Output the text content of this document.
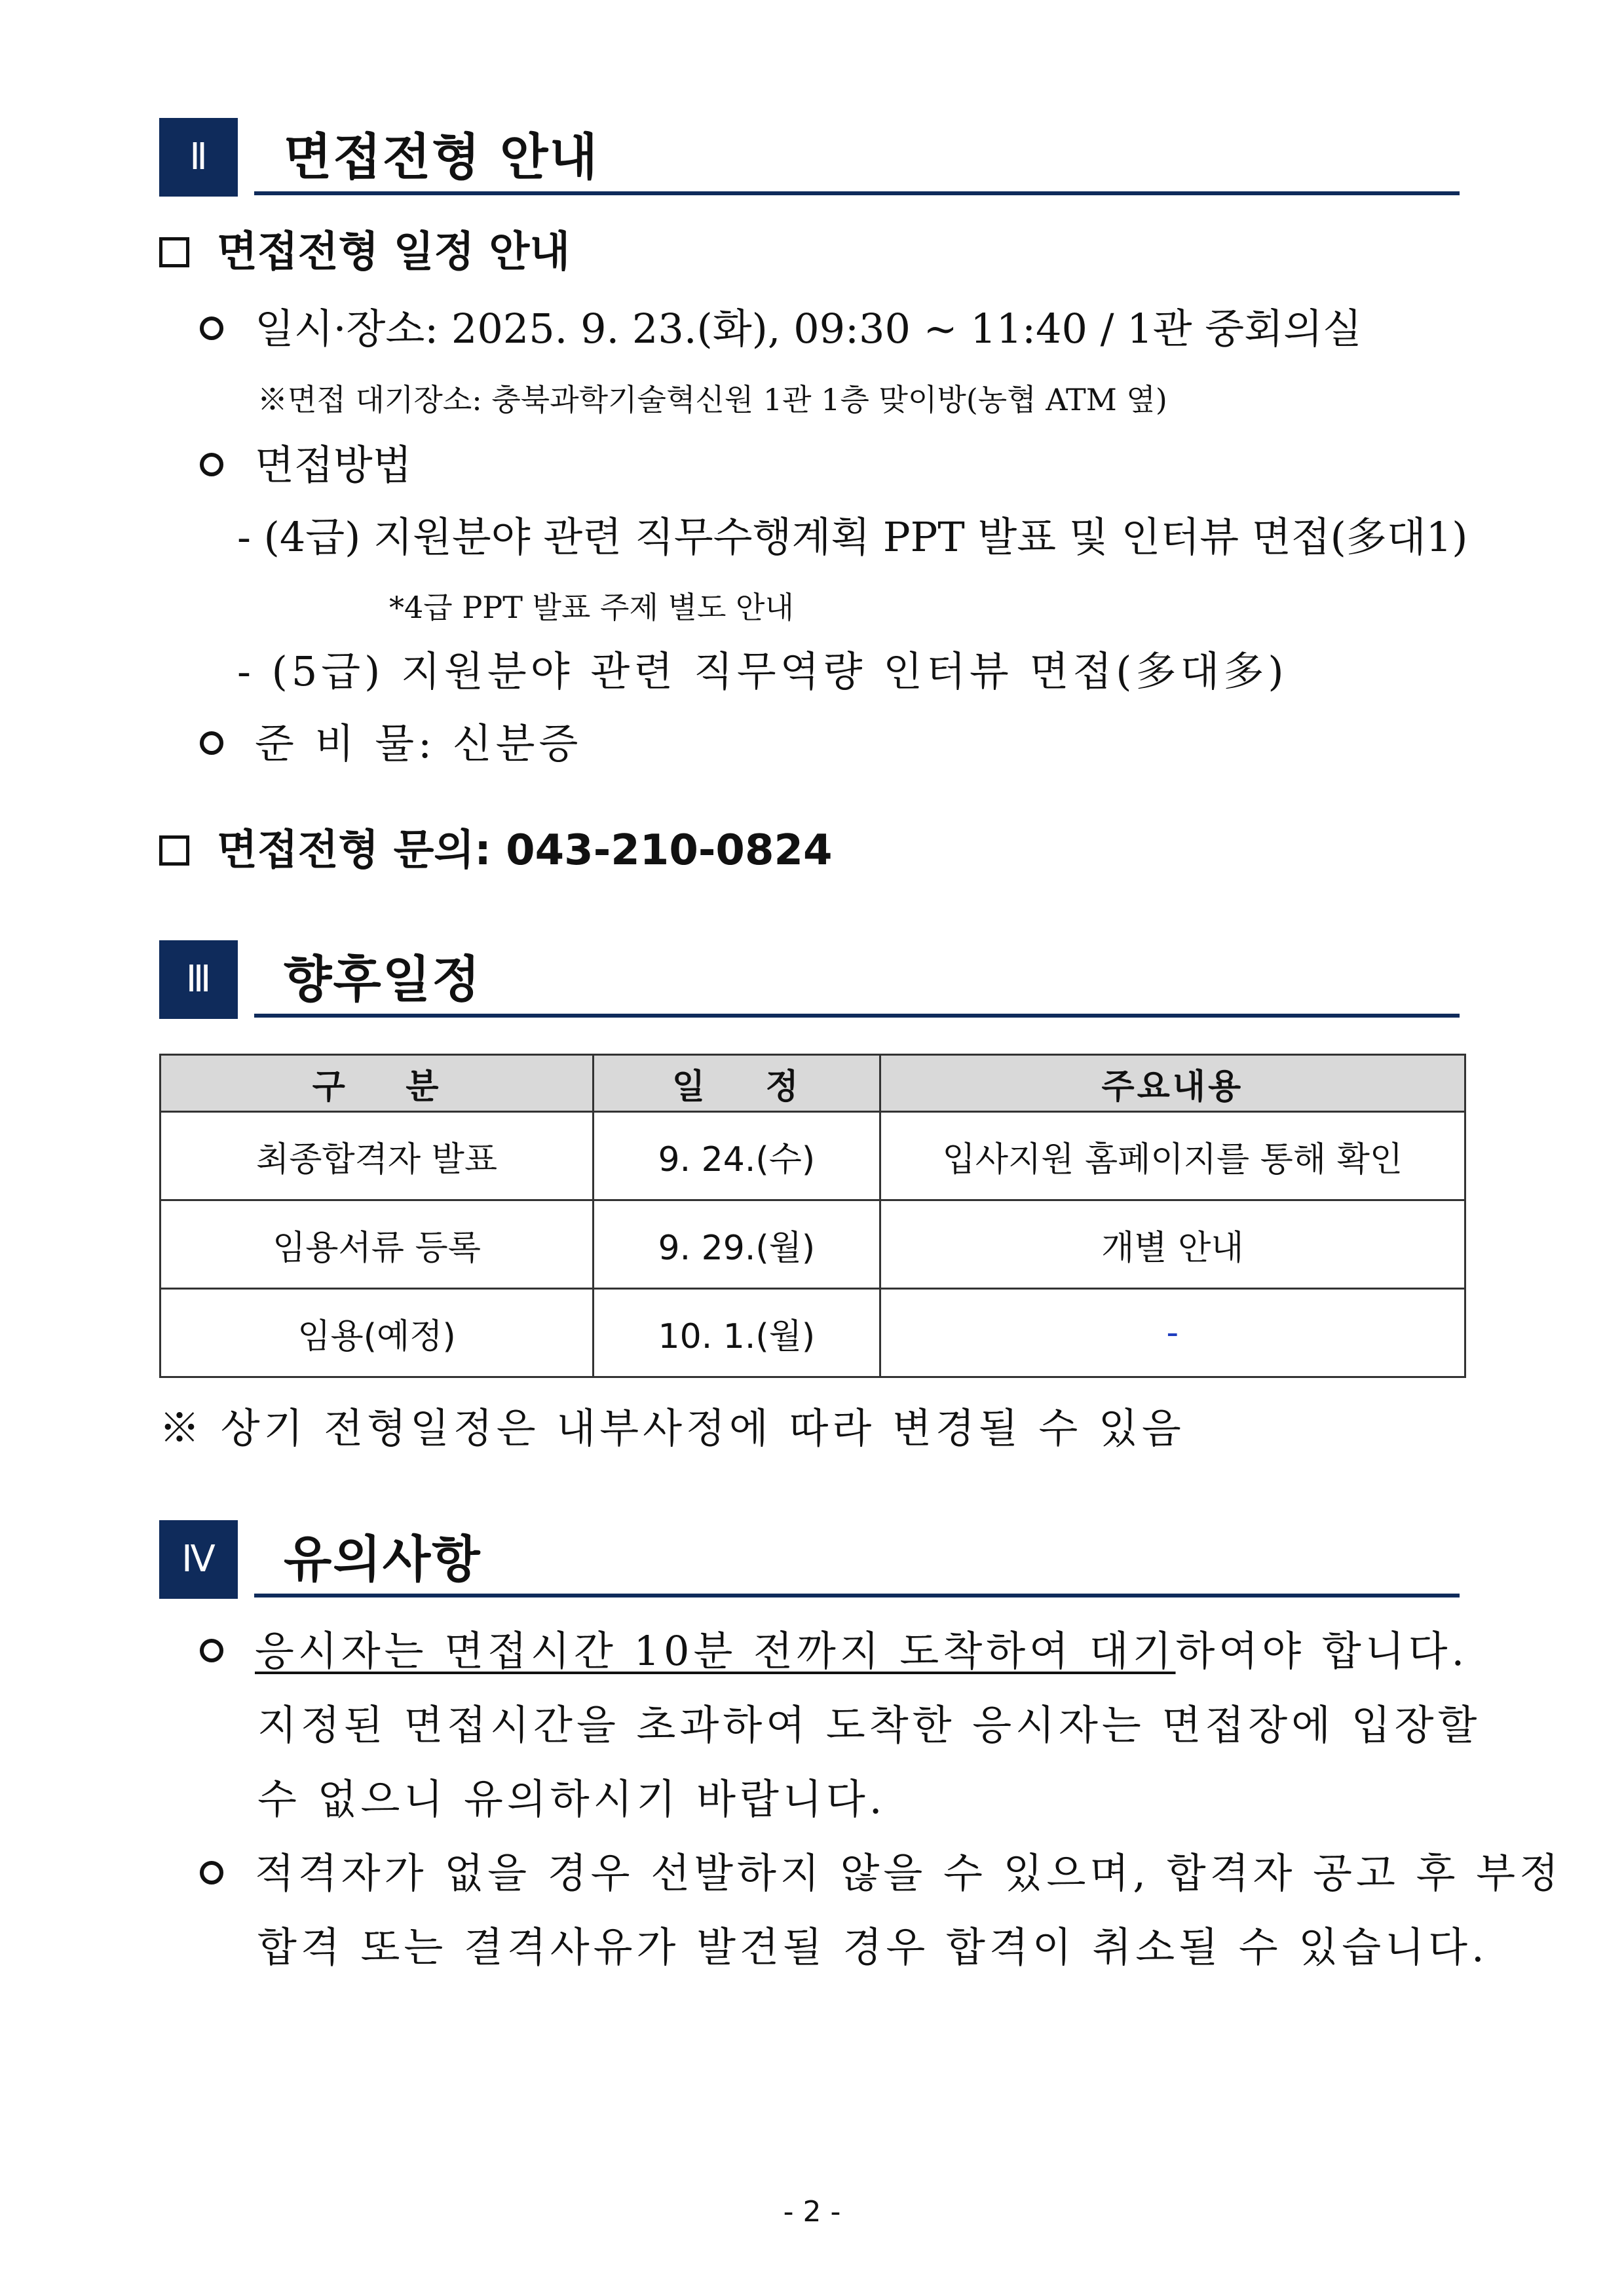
Ⅱ	면접전형 안내
면접전형 일정 안내
일시·장소: 2025. 9. 23.(화), 09:30 ~ 11:40 / 1관 중회의실
※면접 대기장소: 충북과학기술혁신원 1관 1층 맞이방(농협 ATM 옆)
면접방법
- (4급) 지원분야 관련 직무수행계획 PPT 발표 및 인터뷰 면접(多대1)
*4급 PPT 발표 주제 별도 안내
- (5급) 지원분야 관련 직무역량 인터뷰 면접(多대多)
준 비 물: 신분증
면접전형 문의: 043-210-0824
Ⅲ	향후일정
구    분	일    정	주요내용
최종합격자 발표	9. 24.(수)	입사지원 홈페이지를 통해 확인
임용서류 등록	9. 29.(월)	개별 안내
임용(예정)	10. 1.(월)	-
※ 상기 전형일정은 내부사정에 따라 변경될 수 있음
Ⅳ	유의사항
응시자는 면접시간 10분 전까지 도착하여 대기하여야 합니다.
지정된 면접시간을 초과하여 도착한 응시자는 면접장에 입장할
수 없으니 유의하시기 바랍니다.
적격자가 없을 경우 선발하지 않을 수 있으며, 합격자 공고 후 부정
합격 또는 결격사유가 발견될 경우 합격이 취소될 수 있습니다.
- 2 -
